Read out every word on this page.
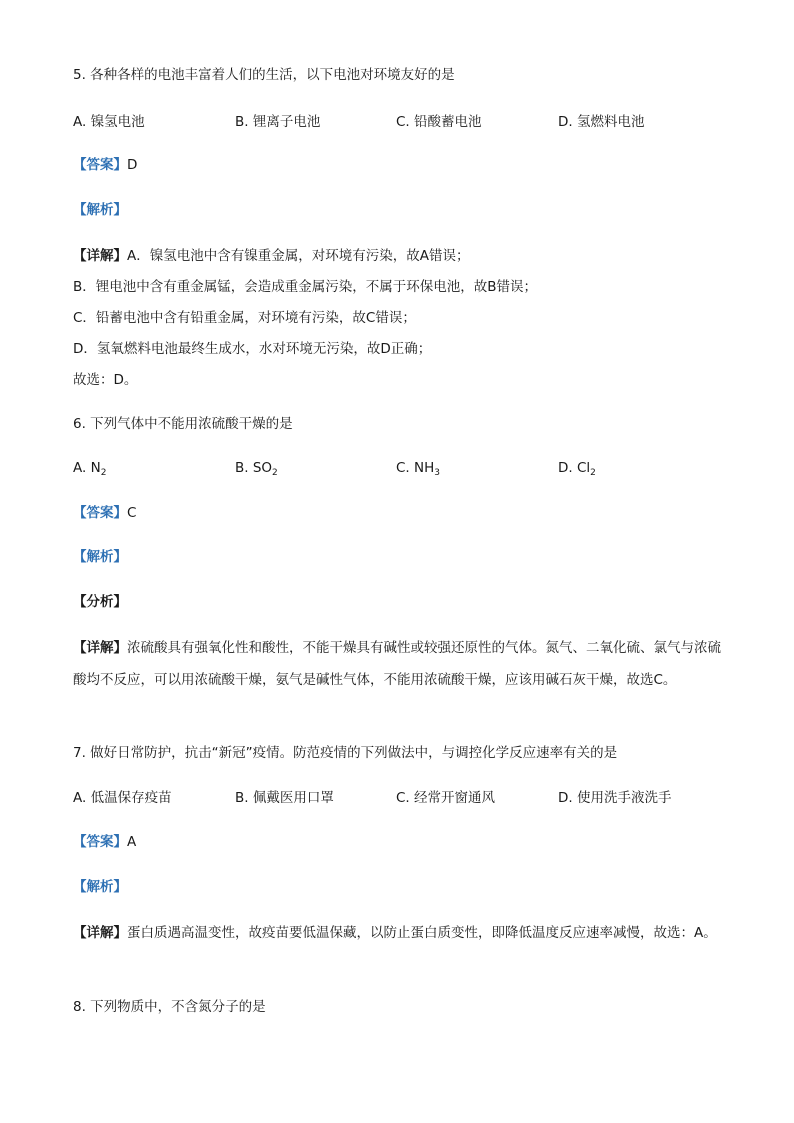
5. 各种各样的电池丰富着人们的生活，以下电池对环境友好的是
A. 镍氢电池	B. 锂离子电池	C. 铅酸蓄电池	D. 氢燃料电池
【答案】D
【解析】
【详解】A．镍氢电池中含有镍重金属，对环境有污染，故A错误；
B．锂电池中含有重金属锰，会造成重金属污染，不属于环保电池，故B错误；
C．铅蓄电池中含有铅重金属，对环境有污染，故C错误；
D．氢氧燃料电池最终生成水，水对环境无污染，故D正确；
故选：D。
6. 下列气体中不能用浓硫酸干燥的是
A. $N_2$	B. $SO_2$	C. $NH_3$	D. $Cl_2$
【答案】C
【解析】
【分析】
【详解】浓硫酸具有强氧化性和酸性，不能干燥具有碱性或较强还原性的气体。氮气、二氧化硫、氯气与浓硫酸均不反应，可以用浓硫酸干燥，氨气是碱性气体，不能用浓硫酸干燥，应该用碱石灰干燥，故选C。
7. 做好日常防护，抗击“新冠”疫情。防范疫情的下列做法中，与调控化学反应速率有关的是
A. 低温保存疫苗	B. 佩戴医用口罩	C. 经常开窗通风	D. 使用洗手液洗手
【答案】A
【解析】
【详解】蛋白质遇高温变性，故疫苗要低温保藏，以防止蛋白质变性，即降低温度反应速率减慢，故选：A。
8. 下列物质中，不含氮分子的是
